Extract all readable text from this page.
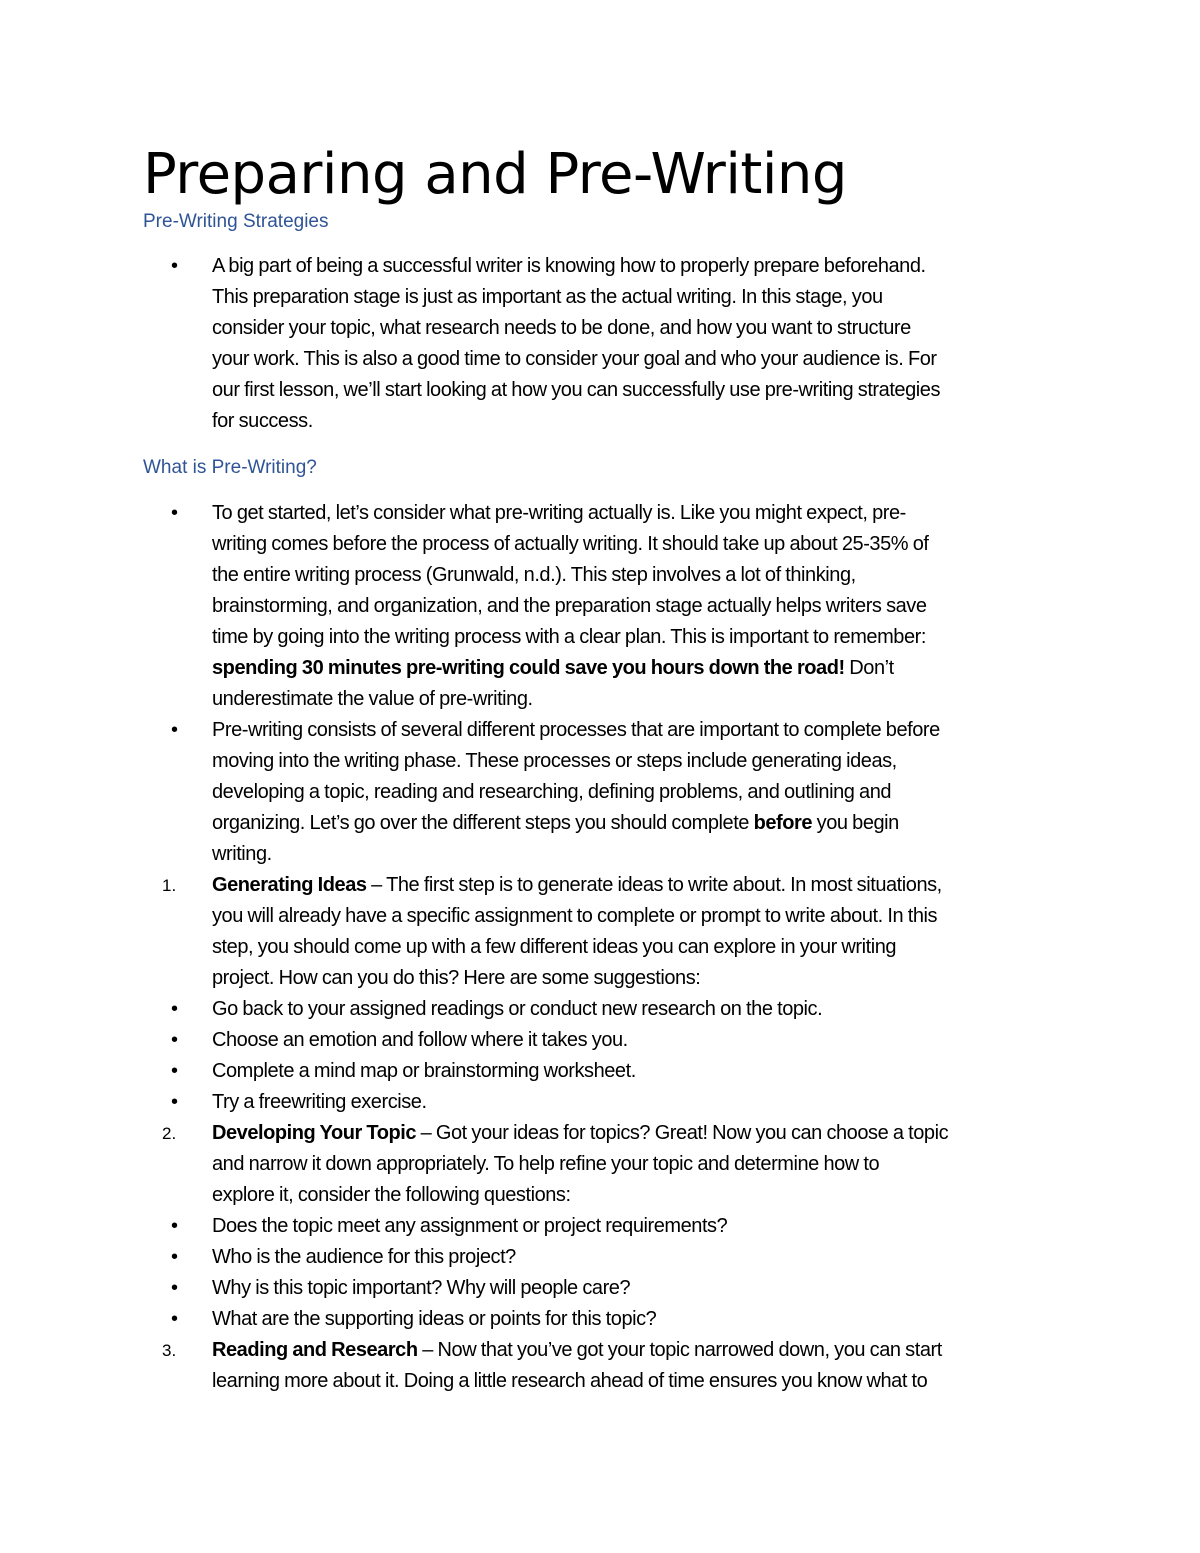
Preparing and Pre-Writing
Pre-Writing Strategies
•	A big part of being a successful writer is knowing how to properly prepare beforehand.
This preparation stage is just as important as the actual writing. In this stage, you
consider your topic, what research needs to be done, and how you want to structure
your work. This is also a good time to consider your goal and who your audience is. For
our first lesson, we’ll start looking at how you can successfully use pre-writing strategies
for success.
What is Pre-Writing?
•	To get started, let’s consider what pre-writing actually is. Like you might expect, pre-
writing comes before the process of actually writing. It should take up about 25-35% of
the entire writing process (Grunwald, n.d.). This step involves a lot of thinking,
brainstorming, and organization, and the preparation stage actually helps writers save
time by going into the writing process with a clear plan. This is important to remember:
spending 30 minutes pre-writing could save you hours down the road! Don’t
underestimate the value of pre-writing.
•	Pre-writing consists of several different processes that are important to complete before
moving into the writing phase. These processes or steps include generating ideas,
developing a topic, reading and researching, defining problems, and outlining and
organizing. Let’s go over the different steps you should complete before you begin
writing.
1.	Generating Ideas – The first step is to generate ideas to write about. In most situations,
you will already have a specific assignment to complete or prompt to write about. In this
step, you should come up with a few different ideas you can explore in your writing
project. How can you do this? Here are some suggestions:
•	Go back to your assigned readings or conduct new research on the topic.
•	Choose an emotion and follow where it takes you.
•	Complete a mind map or brainstorming worksheet.
•	Try a freewriting exercise.
2.	Developing Your Topic – Got your ideas for topics? Great! Now you can choose a topic
and narrow it down appropriately. To help refine your topic and determine how to
explore it, consider the following questions:
•	Does the topic meet any assignment or project requirements?
•	Who is the audience for this project?
•	Why is this topic important? Why will people care?
•	What are the supporting ideas or points for this topic?
3.	Reading and Research – Now that you’ve got your topic narrowed down, you can start
learning more about it. Doing a little research ahead of time ensures you know what to
